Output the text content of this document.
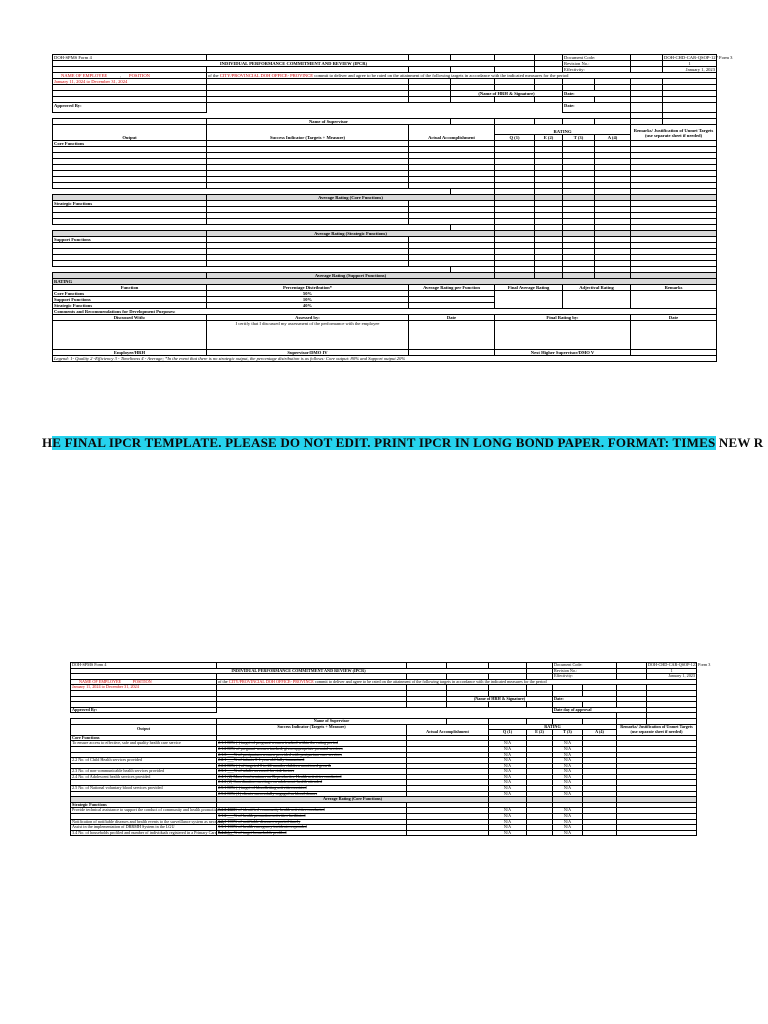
DOH-SPMS Form 4						Document Code:			DOH-CHD-CAR-QSOP-127 Form 3
INDIVIDUAL PERFORMANCE COMMITMENT AND REVIEW (IPCR)						Revision No.:			1
						Effectivity:			January 1, 2023
NAME OF EMPLOYEE , POSITION	of the CITY/PROVINCIAL DOH OFFICE- PROVINCE commit to deliver and agree to be rated on the attainment of the following targets in accordance with the indicated measures for the period								
January 11, 2024 to December 31, 2024									

			(Name of HRH & Signature)			Date:			

Approved By:						Date:			

	Name of Supervisor								
Output	Success Indicator (Targets + Measure)	Actual Accomplishment		RATING				Remarks/ Justification of Unmet Targets
(use separate sheet if needed)	
				Q (1)	E (2)	T (3)	A (4)		
Core Functions									

	Average Rating (Core Functions)								
Strategic Functions									

	Average Rating (Strategic Functions)								
Support Functions									

	Average Rating (Support Functions)								
RATING									
Function	Percentage Distribution*	Average Rating per Function		Final Average Rating		Adjectival Rating		Remarks	
Core Functions	50%								
Support Functions	10%								
Strategic Functions	40%								
Comments and Recommendations for Development Purposes:									
Discussed With:	Assessed by:	Date		Final Rating by:				Date	
	I certify that I discussed my assessment of the performance with the employee								
Employee/HRH	Supervisor/DMO IV			Next Higher Supervisor/DMO V					
Legend: 1- Quality 2 -Efficiency 3 - Timeliness 4 - Average; *In the event that there is no strategic output, the percentage distribution is as follows: Core output: 80% and Support output 20%									
HE FINAL IPCR TEMPLATE. PLEASE DO NOT EDIT. PRINT IPCR IN LONG BOND PAPER. FORMAT: TIMES NEW R
DOH-SPMS Form 4						Document Code:			DOH-CHD-CAR-QSOP-127 Form 3
INDIVIDUAL PERFORMANCE COMMITMENT AND REVIEW (IPCR)						Revision No.:			1
						Effectivity:			January 1, 2023
NAME OF EMPLOYEE POSITION	of the CITY/PROVINCIAL DOH OFFICE- PROVINCE commit to deliver and agree to be rated on the attainment of the following targets in accordance with the indicated measures for the period								
January 11, 2024 to December 31, 2024									

			(Name of HRH & Signature)			Date:			

Approved By:						Date day of approval			

	Name of Supervisor								
Output	Success Indicator (Targets + Measure)	Actual Accomplishment		RATING				Remarks/ Justification of Unmet Targets
(use separate sheet if needed)	
				Q (1)	E (2)	T (3)	A (4)		
Core Functions									
To ensure access to effective, safe and quality health care service	2.1.1 80% ( ) target of pregnant women tracked within the rating period			N/A		N/A			
	2.1.2 80% of pregnant women tracked, given appropriate prenatal services			N/A		N/A			
	2.1.3 ___% of postpartum women provided with postpartum care services			N/A		N/A			
2.2 No. of Child Health services provided	2.2.1 ___% of infants 0-1 year old fully immunized			N/A		N/A			
	2.2.2 80% ( ) of targeted 0 to 24 months children monitored growth			N/A		N/A			
2.3 No. of non-communicable health services provided	2.3.1 ___% of adults screened for risk factors			N/A		N/A			
2.4 No. of Adolescent health services provided	2.4.1 (2) Mass fora/seminars on Reproductive Health activities conducted			N/A		N/A			
	2.4.2 (2) Coordination meetings on adolescent health attended			N/A		N/A			
2.5 No. of National voluntary blood services provided	2.5.1 80% ( ) target of bloodletting activities assisted			N/A		N/A			
	2.5.2 80% (1) clients successfully engaged as blood donors			N/A		N/A			
	Average Rating (Core Functions)								
Strategic Functions									
Provide technical assistance to support the conduct of community and health promotion activities	3.1.1 100% of identified community health activities conducted			N/A		N/A			
	3.1.2 ___% of health promotion activities facilitated			N/A		N/A			
Notification of notifiable diseases and health events to the surveillance system as necessary	3.2.1 100% of notifiable diseases reported timely			N/A		N/A			
Assist in the implementation of DRRMH System in the LGU	3.3.1 100% of health emergency incidents responded			N/A		N/A			
3.4 No. of households profiled and number of individuals registered in a Primary Care Provider	3.4.1 ___% of target households profiled			N/A		N/A			
